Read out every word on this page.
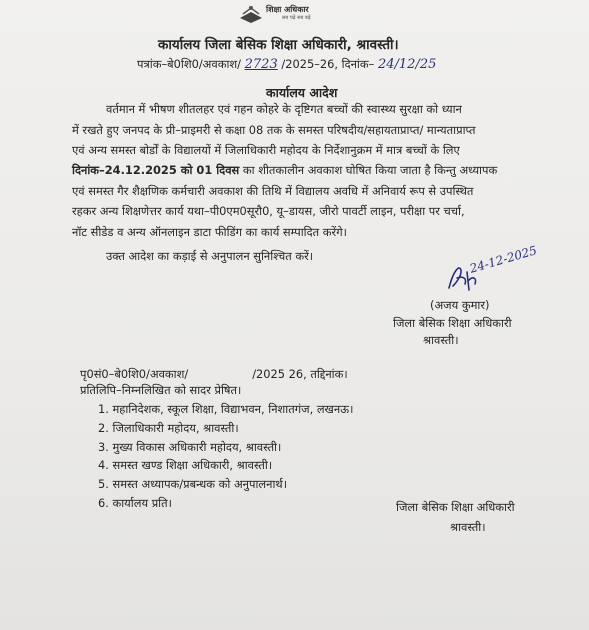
शिक्षा अधिकार
सब पढ़ें सब बढ़ें
कार्यालय जिला बेसिक शिक्षा अधिकारी, श्रावस्ती।
पत्रांक–बे0शि0/अवकाश/ 2723 /2025–26, दिनांक– 24/12/25
कार्यालय आदेश
वर्तमान में भीषण शीतलहर एवं गहन कोहरे के दृष्टिगत बच्चों की स्वास्थ्य सुरक्षा को ध्यान
में रखते हुए जनपद के प्री–प्राइमरी से कक्षा 08 तक के समस्त परिषदीय/सहायताप्राप्त/ मान्यताप्राप्त
एवं अन्य समस्त बोर्डों के विद्यालयों में जिलाधिकारी महोदय के निर्देशानुक्रम में मात्र बच्चों के लिए
दिनांक–24.12.2025 को 01 दिवस का शीतकालीन अवकाश घोषित किया जाता है किन्तु अध्यापक
एवं समस्त गैर शैक्षणिक कर्मचारी अवकाश की तिथि में विद्यालय अवधि में अनिवार्य रूप से उपस्थित
रहकर अन्य शिक्षणेत्तर कार्य यथा–पी0एम0सूरौ0, यू–डायस, जीरो पावर्टी लाइन, परीक्षा पर चर्चा,
नॉट सीडेड व अन्य ऑनलाइन डाटा फीडिंग का कार्य सम्पादित करेंगे।
उक्त आदेश का कड़ाई से अनुपालन सुनिश्चित करें।	24-12-2025
(अजय कुमार)
जिला बेसिक शिक्षा अधिकारी
श्रावस्ती।
पृ0सं0–बे0शि0/अवकाश/	/2025 26, तद्दिनांक।
प्रतिलिपि–निम्नलिखित को सादर प्रेषित।
1. महानिदेशक, स्कूल शिक्षा, विद्याभवन, निशातगंज, लखनऊ।
2. जिलाधिकारी महोदय, श्रावस्ती।
3. मुख्य विकास अधिकारी महोदय, श्रावस्ती।
4. समस्त खण्ड शिक्षा अधिकारी, श्रावस्ती।
5. समस्त अध्यापक/प्रबन्धक को अनुपालनार्थ।
6. कार्यालय प्रति।	जिला बेसिक शिक्षा अधिकारी
श्रावस्ती।
